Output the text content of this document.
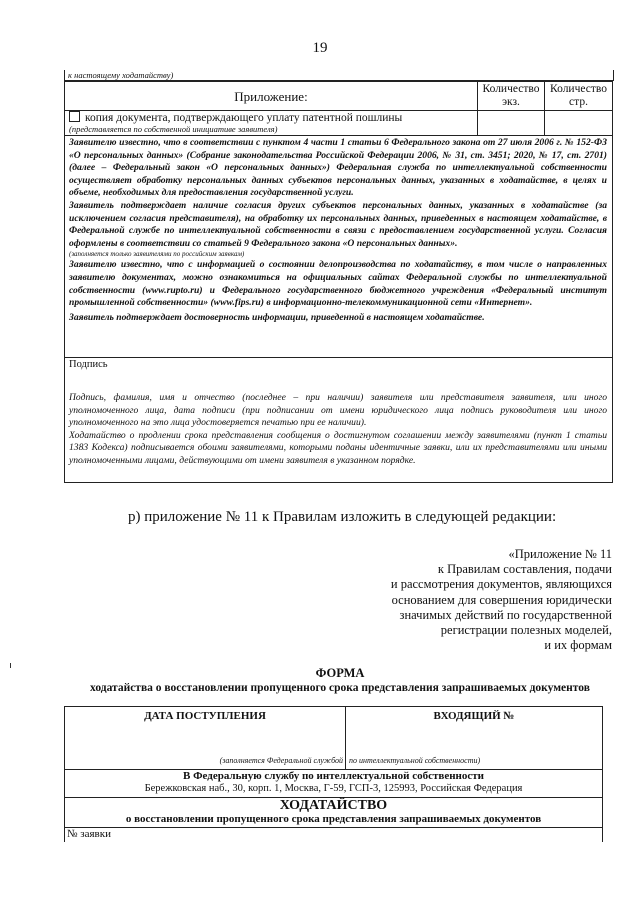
19
к настоящему ходатайству)
Приложение:	Количество
экз.
Количество
стр.
копия документа, подтверждающего уплату патентной пошлины
(представляется по собственной инициативе заявителя)
Заявителю известно, что в соответствии с пунктом 4 части 1 статьи 6 Федерального закона от 27 июля 2006 г. № 152-ФЗ «О персональных данных» (Собрание законодательства Российской Федерации 2006, № 31, ст. 3451; 2020, № 17, ст. 2701) (далее – Федеральный закон «О персональных данных») Федеральная служба по интеллектуальной собственности осуществляет обработку персональных данных субъектов персональных данных, указанных в ходатайстве, в целях и объеме, необходимых для предоставления государственной услуги.
Заявитель подтверждает наличие согласия других субъектов персональных данных, указанных в ходатайстве (за исключением согласия представителя), на обработку их персональных данных, приведенных в настоящем ходатайстве, в Федеральной службе по интеллектуальной собственности в связи с предоставлением государственной услуги. Согласия оформлены в соответствии со статьей 9 Федерального закона «О персональных данных».
(заполняется только заявителями по российским заявкам)
Заявителю известно, что с информацией о состоянии делопроизводства по ходатайству, в том числе о направленных заявителю документах, можно ознакомиться на официальных сайтах Федеральной службы по интеллектуальной собственности (www.rupto.ru) и Федерального государственного бюджетного учреждения «Федеральный институт промышленной собственности» (www.fips.ru) в информационно-телекоммуникационной сети «Интернет».
Заявитель подтверждает достоверность информации, приведенной в настоящем ходатайстве.
Подпись
Подпись, фамилия, имя и отчество (последнее – при наличии) заявителя или представителя заявителя, или иного уполномоченного лица, дата подписи (при подписании от имени юридического лица подпись руководителя или иного уполномоченного на это лица удостоверяется печатью при ее наличии).
Ходатайство о продлении срока представления сообщения о достигнутом соглашении между заявителями (пункт 1 статьи 1383 Кодекса) подписывается обоими заявителями, которыми поданы идентичные заявки, или их представителями или иными уполномоченными лицами, действующими от имени заявителя в указанном порядке.
р) приложение № 11 к Правилам изложить в следующей редакции:
«Приложение № 11
к Правилам составления, подачи
и рассмотрения документов, являющихся
основанием для совершения юридически
значимых действий по государственной
регистрации полезных моделей,
и их формам
ФОРМА
ходатайства о восстановлении пропущенного срока представления запрашиваемых документов
ДАТА ПОСТУПЛЕНИЯ
(заполняется Федеральной службой
ВХОДЯЩИЙ №
по интеллектуальной собственности)
В Федеральную службу по интеллектуальной собственности
Бережковская наб., 30, корп. 1, Москва, Г-59, ГСП-3, 125993, Российская Федерация
ХОДАТАЙСТВО
о восстановлении пропущенного срока представления запрашиваемых документов
№ заявки
